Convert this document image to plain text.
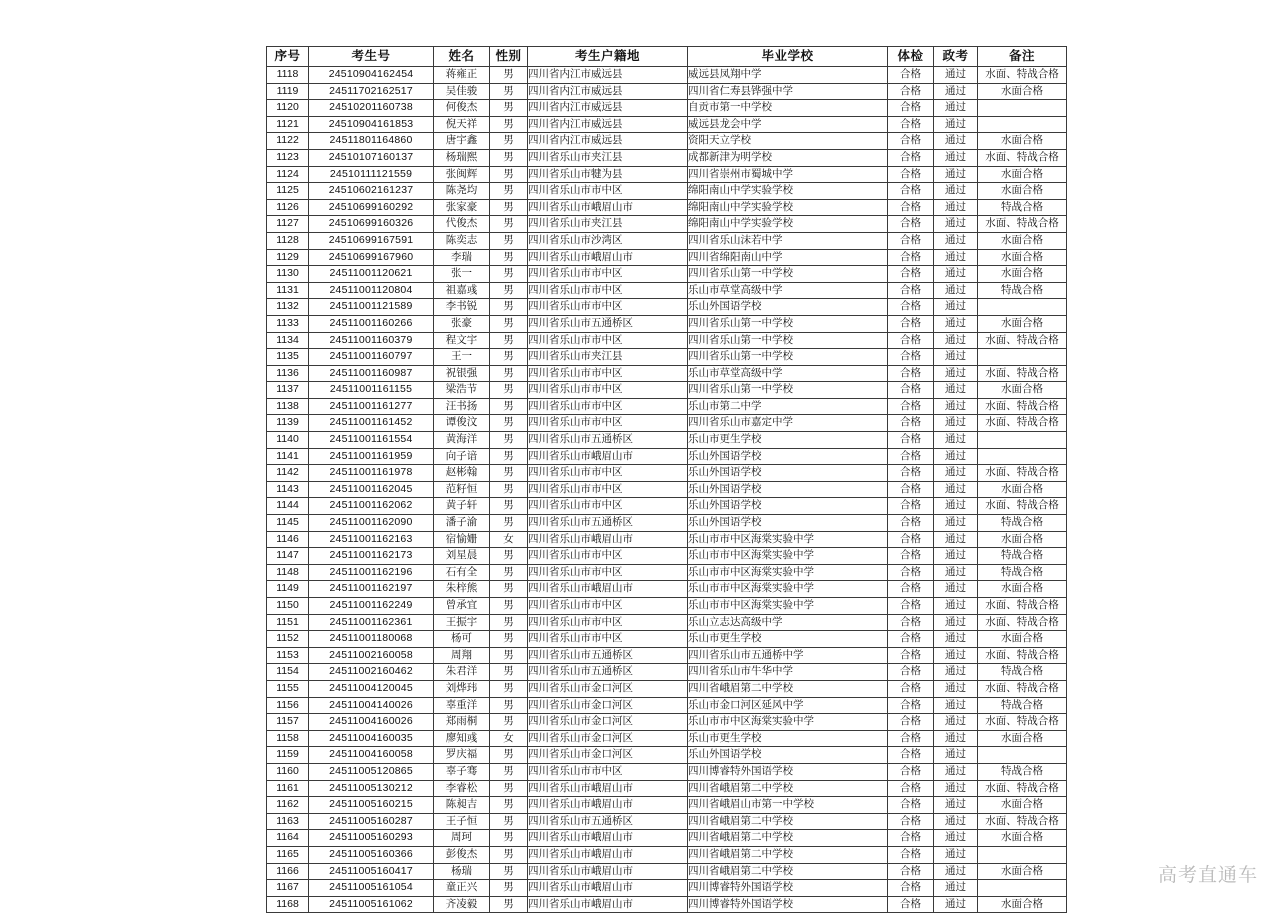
序号	考生号	姓名	性别	考生户籍地	毕业学校	体检	政考	备注
1118	24510904162454	蒋雍正	男	四川省内江市威远县	威远县凤翔中学	合格	通过	水面、特战合格
1119	24511702162517	吴佳骏	男	四川省内江市威远县	四川省仁寿县铧强中学	合格	通过	水面合格
1120	24510201160738	何俊杰	男	四川省内江市威远县	自贡市第一中学校	合格	通过	
1121	24510904161853	倪天祥	男	四川省内江市威远县	威远县龙会中学	合格	通过	
1122	24511801164860	唐宇鑫	男	四川省内江市威远县	资阳天立学校	合格	通过	水面合格
1123	24510107160137	杨瑞熙	男	四川省乐山市夹江县	成都新津为明学校	合格	通过	水面、特战合格
1124	24510111121559	张闽辉	男	四川省乐山市犍为县	四川省崇州市蜀城中学	合格	通过	水面合格
1125	24510602161237	陈尧均	男	四川省乐山市市中区	绵阳南山中学实验学校	合格	通过	水面合格
1126	24510699160292	张家豪	男	四川省乐山市峨眉山市	绵阳南山中学实验学校	合格	通过	特战合格
1127	24510699160326	代俊杰	男	四川省乐山市夹江县	绵阳南山中学实验学校	合格	通过	水面、特战合格
1128	24510699167591	陈奕志	男	四川省乐山市沙湾区	四川省乐山沫若中学	合格	通过	水面合格
1129	24510699167960	李瑞	男	四川省乐山市峨眉山市	四川省绵阳南山中学	合格	通过	水面合格
1130	24511001120621	张一	男	四川省乐山市市中区	四川省乐山第一中学校	合格	通过	水面合格
1131	24511001120804	祖嘉彧	男	四川省乐山市市中区	乐山市草堂高级中学	合格	通过	特战合格
1132	24511001121589	李书锐	男	四川省乐山市市中区	乐山外国语学校	合格	通过	
1133	24511001160266	张豪	男	四川省乐山市五通桥区	四川省乐山第一中学校	合格	通过	水面合格
1134	24511001160379	程文宇	男	四川省乐山市市中区	四川省乐山第一中学校	合格	通过	水面、特战合格
1135	24511001160797	王一	男	四川省乐山市夹江县	四川省乐山第一中学校	合格	通过	
1136	24511001160987	祝银强	男	四川省乐山市市中区	乐山市草堂高级中学	合格	通过	水面、特战合格
1137	24511001161155	梁浩节	男	四川省乐山市市中区	四川省乐山第一中学校	合格	通过	水面合格
1138	24511001161277	汪书扬	男	四川省乐山市市中区	乐山市第二中学	合格	通过	水面、特战合格
1139	24511001161452	谭俊汶	男	四川省乐山市市中区	四川省乐山市嘉定中学	合格	通过	水面、特战合格
1140	24511001161554	黄海洋	男	四川省乐山市五通桥区	乐山市更生学校	合格	通过	
1141	24511001161959	向子谙	男	四川省乐山市峨眉山市	乐山外国语学校	合格	通过	
1142	24511001161978	赵彬翰	男	四川省乐山市市中区	乐山外国语学校	合格	通过	水面、特战合格
1143	24511001162045	范籽恒	男	四川省乐山市市中区	乐山外国语学校	合格	通过	水面合格
1144	24511001162062	黄子轩	男	四川省乐山市市中区	乐山外国语学校	合格	通过	水面、特战合格
1145	24511001162090	潘子渝	男	四川省乐山市五通桥区	乐山外国语学校	合格	通过	特战合格
1146	24511001162163	宿愉姗	女	四川省乐山市峨眉山市	乐山市市中区海棠实验中学	合格	通过	水面合格
1147	24511001162173	刘星晨	男	四川省乐山市市中区	乐山市市中区海棠实验中学	合格	通过	特战合格
1148	24511001162196	石有全	男	四川省乐山市市中区	乐山市市中区海棠实验中学	合格	通过	特战合格
1149	24511001162197	朱梓熊	男	四川省乐山市峨眉山市	乐山市市中区海棠实验中学	合格	通过	水面合格
1150	24511001162249	曾承宜	男	四川省乐山市市中区	乐山市市中区海棠实验中学	合格	通过	水面、特战合格
1151	24511001162361	王振宇	男	四川省乐山市市中区	乐山立志达高级中学	合格	通过	水面、特战合格
1152	24511001180068	杨可	男	四川省乐山市市中区	乐山市更生学校	合格	通过	水面合格
1153	24511002160058	周翔	男	四川省乐山市五通桥区	四川省乐山市五通桥中学	合格	通过	水面、特战合格
1154	24511002160462	朱君洋	男	四川省乐山市五通桥区	四川省乐山市牛华中学	合格	通过	特战合格
1155	24511004120045	刘烨玮	男	四川省乐山市金口河区	四川省峨眉第二中学校	合格	通过	水面、特战合格
1156	24511004140026	辜重洋	男	四川省乐山市金口河区	乐山市金口河区延风中学	合格	通过	特战合格
1157	24511004160026	郑雨桐	男	四川省乐山市金口河区	乐山市市中区海棠实验中学	合格	通过	水面、特战合格
1158	24511004160035	廖知彧	女	四川省乐山市金口河区	乐山市更生学校	合格	通过	水面合格
1159	24511004160058	罗庆福	男	四川省乐山市金口河区	乐山外国语学校	合格	通过	
1160	24511005120865	辜子骞	男	四川省乐山市市中区	四川博睿特外国语学校	合格	通过	特战合格
1161	24511005130212	李睿松	男	四川省乐山市峨眉山市	四川省峨眉第二中学校	合格	通过	水面、特战合格
1162	24511005160215	陈昶吉	男	四川省乐山市峨眉山市	四川省峨眉山市第一中学校	合格	通过	水面合格
1163	24511005160287	王子恒	男	四川省乐山市五通桥区	四川省峨眉第二中学校	合格	通过	水面、特战合格
1164	24511005160293	周珂	男	四川省乐山市峨眉山市	四川省峨眉第二中学校	合格	通过	水面合格
1165	24511005160366	彭俊杰	男	四川省乐山市峨眉山市	四川省峨眉第二中学校	合格	通过	
1166	24511005160417	杨瑞	男	四川省乐山市峨眉山市	四川省峨眉第二中学校	合格	通过	水面合格
1167	24511005161054	童正兴	男	四川省乐山市峨眉山市	四川博睿特外国语学校	合格	通过	
1168	24511005161062	齐凌毅	男	四川省乐山市峨眉山市	四川博睿特外国语学校	合格	通过	水面合格
高考直通车
